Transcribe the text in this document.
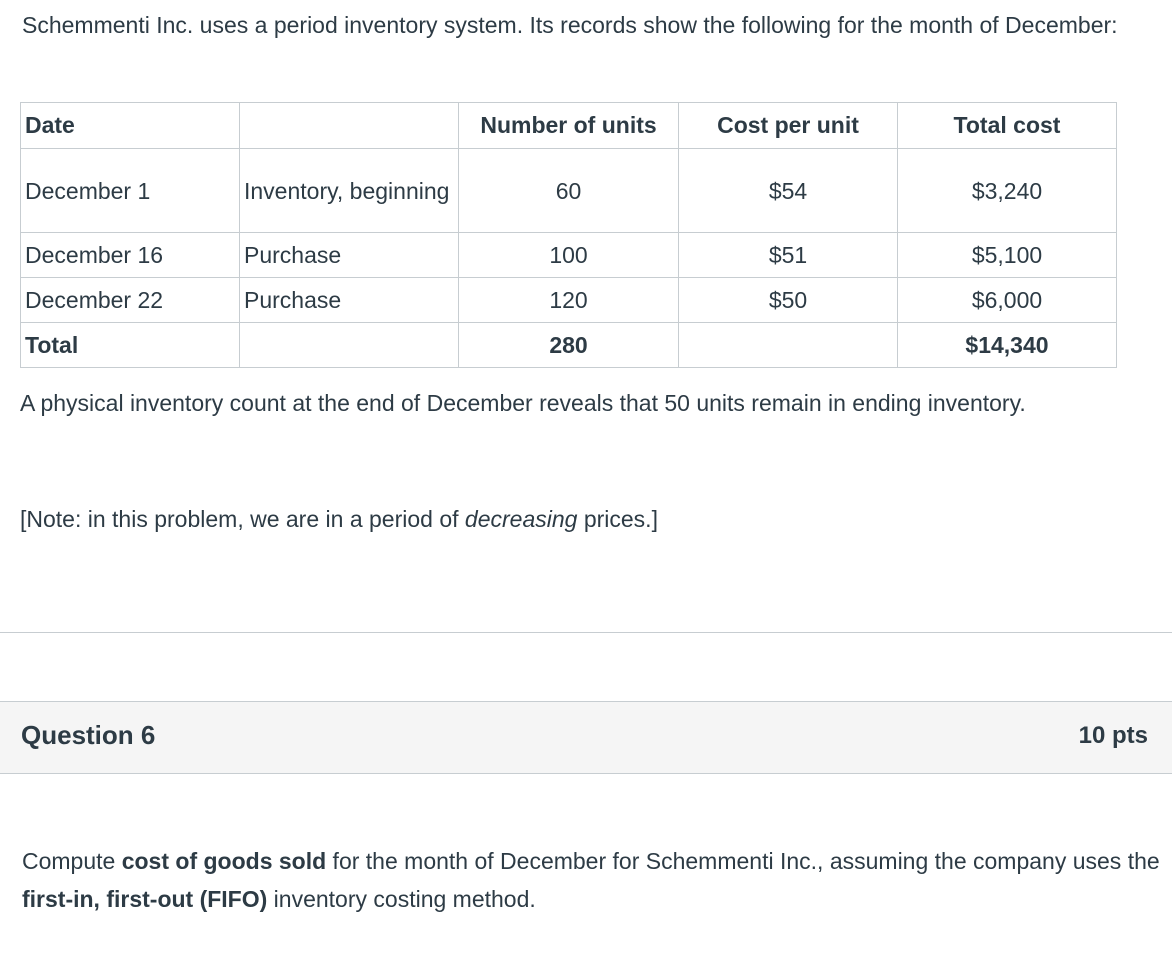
Schemmenti Inc. uses a period inventory system. Its records show the following for the month of December:

Date		Number of units	Cost per unit	Total cost
December 1	Inventory, beginning	60	$54	$3,240
December 16	Purchase	100	$51	$5,100
December 22	Purchase	120	$50	$6,000
Total		280		$14,340

A physical inventory count at the end of December reveals that 50 units remain in ending inventory.

[Note: in this problem, we are in a period of decreasing prices.]

Question 6	10 pts

Compute cost of goods sold for the month of December for Schemmenti Inc., assuming the company uses the first-in, first-out (FIFO) inventory costing method.
